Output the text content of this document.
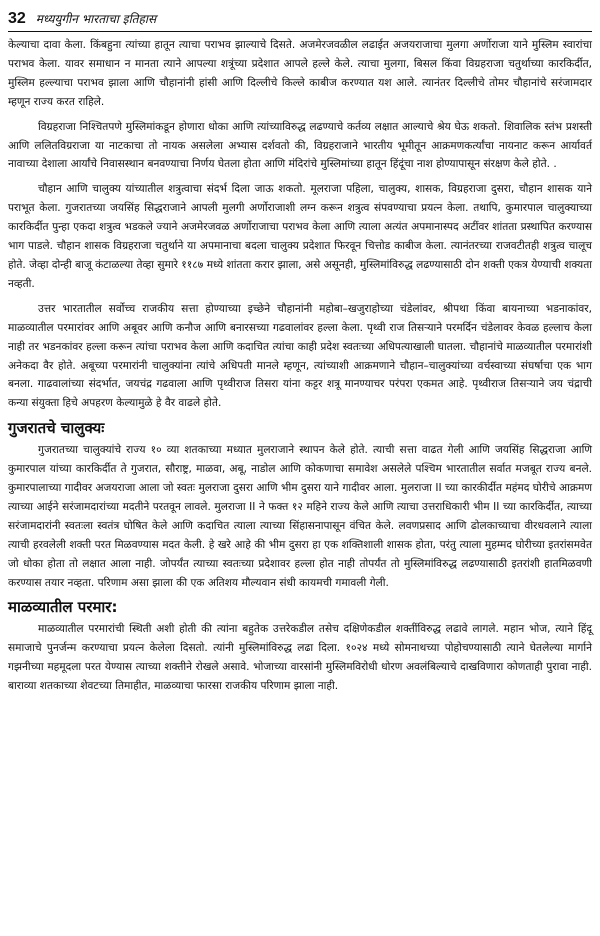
32 मध्ययुगीन भारताचा इतिहास

केल्याचा दावा केला. किंबहुना त्यांच्या हातून त्याचा पराभव झाल्याचे दिसते. अजमेरजवळील लढाईत अजयराजाचा मुलगा अर्णोराजा याने मुस्लिम स्वारांचा पराभव केला. यावर समाधान न मानता त्याने आपल्या शत्रूंच्या प्रदेशात आपले हल्ले केले. त्याचा मुलगा, बिसल किंवा विग्रहराजा चतुर्थाच्या कारकिर्दीत, मुस्लिम हल्ल्याचा पराभव झाला आणि चौहानांनी हांसी आणि दिल्लीचे किल्ले काबीज करण्यात यश आले. त्यानंतर दिल्लीचे तोमर चौहानांचे सरंजामदार म्हणून राज्य करत राहिले.

विग्रहराजा निश्चितपणे मुस्लिमांकडून होणारा धोका आणि त्यांच्याविरुद्ध लढण्याचे कर्तव्य लक्षात आल्याचे श्रेय घेऊ शकतो. शिवालिक स्तंभ प्रशस्ती आणि ललितविग्रराजा या नाटकाचा तो नायक असलेला अभ्यास दर्शवतो की, विग्रहराजाने भारतीय भूमीतून आक्रमणकर्त्यांचा नायनाट करून आर्यावर्त नावाच्या देशाला आर्यांचे निवासस्थान बनवण्याचा निर्णय घेतला होता आणि मंदिरांचे मुस्लिमांच्या हातून हिंदूंचा नाश होण्यापासून संरक्षण केले होते. .

चौहान आणि चालुक्य यांच्यातील शत्रुत्वाचा संदर्भ दिला जाऊ शकतो. मूलराजा पहिला, चालुक्य, शासक, विग्रहराजा दुसरा, चौहान शासक याने पराभूत केला. गुजरातच्या जयसिंह सिद्धराजाने आपली मुलगी अर्णोराजाशी लग्न करून शत्रुत्व संपवण्याचा प्रयत्न केला. तथापि, कुमारपाल चालुक्याच्या कारकिर्दीत पुन्हा एकदा शत्रुत्व भडकले ज्याने अजमेरजवळ अर्णोराजाचा पराभव केला आणि त्याला अत्यंत अपमानास्पद अटींवर शांतता प्रस्थापित करण्यास भाग पाडले. चौहान शासक विग्रहराजा चतुर्थाने या अपमानाचा बदला चालुक्य प्रदेशात फिरवून चित्तोड काबीज केला. त्यानंतरच्या राजवटीतही शत्रुत्व चालूच होते. जेव्हा दोन्ही बाजू कंटाळल्या तेव्हा सुमारे ११८७ मध्ये शांतता करार झाला, असे असूनही, मुस्लिमांविरुद्ध लढण्यासाठी दोन शक्ती एकत्र येण्याची शक्यता नव्हती.

उत्तर भारतातील सर्वोच्च राजकीय सत्ता होण्याच्या इच्छेने चौहानांनी महोबा–खजुराहोच्या चंडेलांवर, श्रीपथा किंवा बायनाच्या भडनाकांवर, माळव्यातील परमारांवर आणि अबूवर आणि कनौज आणि बनारसच्या गढवालांवर हल्ला केला. पृथ्वी राज तिसऱ्याने परमर्दिन चंडेलावर केवळ हल्लाच केला नाही तर भडनकांवर हल्ला करून त्यांचा पराभव केला आणि कदाचित त्यांचा काही प्रदेश स्वतःच्या अधिपत्याखाली घातला. चौहानांचे माळव्यातील परमारांशी अनेकदा वैर होते. अबूच्या परमारांनी चालुक्यांना त्यांचे अधिपती मानले म्हणून, त्यांच्याशी आक्रमणाने चौहान–चालुक्यांच्या वर्चस्वाच्या संघर्षाचा एक भाग बनला. गाढवालांच्या संदर्भात, जयचंद्र गढवाला आणि पृथ्वीराज तिसरा यांना कट्टर शत्रू मानण्याचर परंपरा एकमत आहे. पृथ्वीराज तिसऱ्याने जय चंद्राची कन्या संयुक्ता हिचे अपहरण केल्यामुळे हे वैर वाढले होते.

गुजरातचे चालुक्यः

गुजरातच्या चालुक्यांचे राज्य १० व्या शतकाच्या मध्यात मुलराजाने स्थापन केले होते. त्याची सत्ता वाढत गेली आणि जयसिंह सिद्धराजा आणि कुमारपाल यांच्या कारकिर्दीत ते गुजरात, सौराष्ट्र, माळवा, अबू, नाडोल आणि कोकणाचा समावेश असलेले पश्चिम भारतातील सर्वात मजबूत राज्य बनले. कुमारपालाच्या गादीवर अजयराजा आला जो स्वतः मुलराजा दुसरा आणि भीम दुसरा याने गादीवर आला. मुलराजा II च्या कारकीर्दीत महंमद घोरीचे आक्रमण त्याच्या आईने सरंजामदारांच्या मदतीने परतवून लावले. मुलराजा II ने फक्त १२ महिने राज्य केले आणि त्याचा उत्तराधिकारी भीम II च्या कारकिर्दीत, त्याच्या सरंजामदारांनी स्वतःला स्वतंत्र घोषित केले आणि कदाचित त्याला त्याच्या सिंहासनापासून वंचित केले. लवणप्रसाद आणि ढोलकाच्याचा वीरधवलाने त्याला त्याची हरवलेली शक्ती परत मिळवण्यास मदत केली. हे खरे आहे की भीम दुसरा हा एक शक्तिशाली शासक होता, परंतु त्याला मुहम्मद घोरीच्या इतरांसमवेत जो धोका होता तो लक्षात आला नाही. जोपर्यंत त्याच्या स्वतःच्या प्रदेशावर हल्ला होत नाही तोपर्यंत तो मुस्लिमांविरुद्ध लढण्यासाठी इतरांशी हातमिळवणी करण्यास तयार नव्हता. परिणाम असा झाला की एक अतिशय मौल्यवान संधी कायमची गमावली गेली.

माळव्यातील परमार:

माळव्यातील परमारांची स्थिती अशी होती की त्यांना बहुतेक उत्तरेकडील तसेच दक्षिणेकडील शक्तींविरुद्ध लढावे लागले. महान भोज, त्याने हिंदू समाजाचे पुनर्जन्म करण्याचा प्रयत्न केलेला दिसतो. त्यांनी मुस्लिमांविरुद्ध लढा दिला. १०२४ मध्ये सोमनाथच्या पोहोचण्यासाठी त्याने घेतलेल्या मार्गाने गझनीच्या महमूदला परत येण्यास त्याच्या शक्तीने रोखले असावे. भोजाच्या वारसांनी मुस्लिमविरोधी धोरण अवलंबिल्याचे दाखविणारा कोणताही पुरावा नाही. बाराव्या शतकाच्या शेवटच्या तिमाहीत, माळव्याचा फारसा राजकीय परिणाम झाला नाही.
